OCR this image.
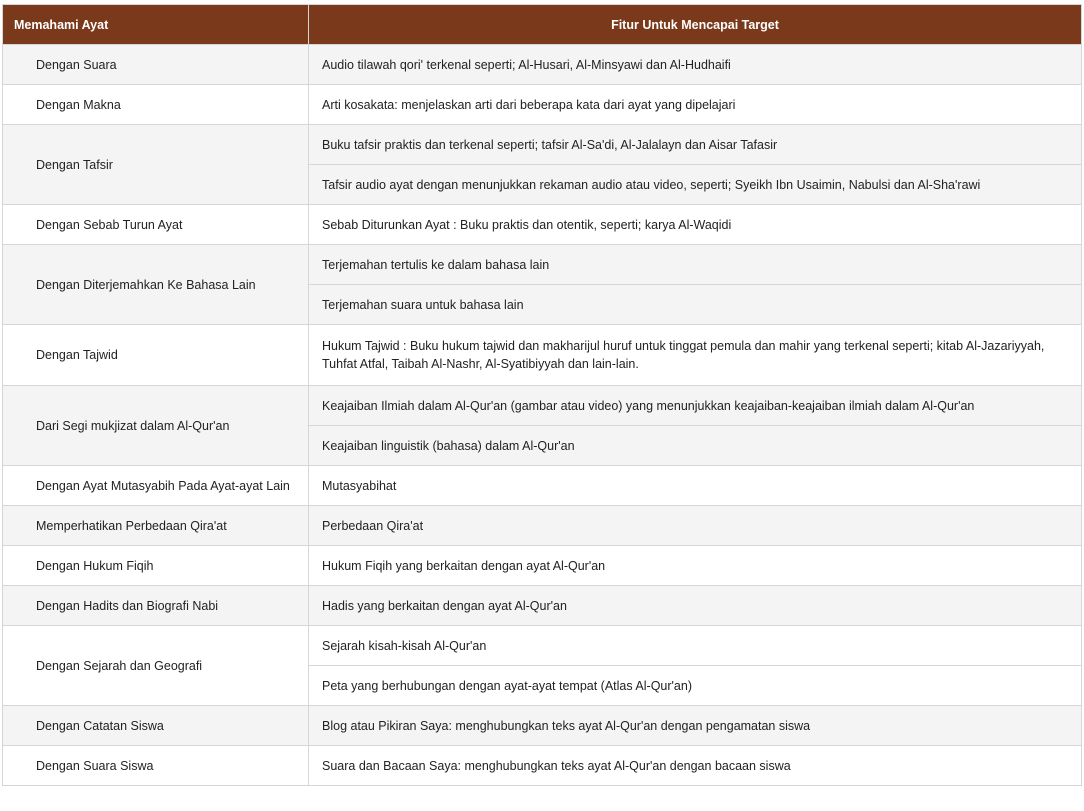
Memahami Ayat	Fitur Untuk Mencapai Target
Dengan Suara	Audio tilawah qori' terkenal seperti; Al-Husari, Al-Minsyawi dan Al-Hudhaifi
Dengan Makna	Arti kosakata: menjelaskan arti dari beberapa kata dari ayat yang dipelajari
Dengan Tafsir	Buku tafsir praktis dan terkenal seperti; tafsir Al-Sa'di, Al-Jalalayn dan Aisar Tafasir
	Tafsir audio ayat dengan menunjukkan rekaman audio atau video, seperti; Syeikh Ibn Usaimin, Nabulsi dan Al-Sha'rawi
Dengan Sebab Turun Ayat	Sebab Diturunkan Ayat : Buku praktis dan otentik, seperti; karya Al-Waqidi
Dengan Diterjemahkan Ke Bahasa Lain	Terjemahan tertulis ke dalam bahasa lain
	Terjemahan suara untuk bahasa lain
Dengan Tajwid	Hukum Tajwid : Buku hukum tajwid dan makharijul huruf untuk tinggat pemula dan mahir yang terkenal seperti; kitab Al-Jazariyyah, Tuhfat Atfal, Taibah Al-Nashr, Al-Syatibiyyah dan lain-lain.
Dari Segi mukjizat dalam Al-Qur'an	Keajaiban Ilmiah dalam Al-Qur'an (gambar atau video) yang menunjukkan keajaiban-keajaiban ilmiah dalam Al-Qur'an
	Keajaiban linguistik (bahasa) dalam Al-Qur'an
Dengan Ayat Mutasyabih Pada Ayat-ayat Lain	Mutasyabihat
Memperhatikan Perbedaan Qira'at	Perbedaan Qira'at
Dengan Hukum Fiqih	Hukum Fiqih yang berkaitan dengan ayat Al-Qur'an
Dengan Hadits dan Biografi Nabi	Hadis yang berkaitan dengan ayat Al-Qur'an
Dengan Sejarah dan Geografi	Sejarah kisah-kisah Al-Qur'an
	Peta yang berhubungan dengan ayat-ayat tempat (Atlas Al-Qur'an)
Dengan Catatan Siswa	Blog atau Pikiran Saya: menghubungkan teks ayat Al-Qur'an dengan pengamatan siswa
Dengan Suara Siswa	Suara dan Bacaan Saya: menghubungkan teks ayat Al-Qur'an dengan bacaan siswa
